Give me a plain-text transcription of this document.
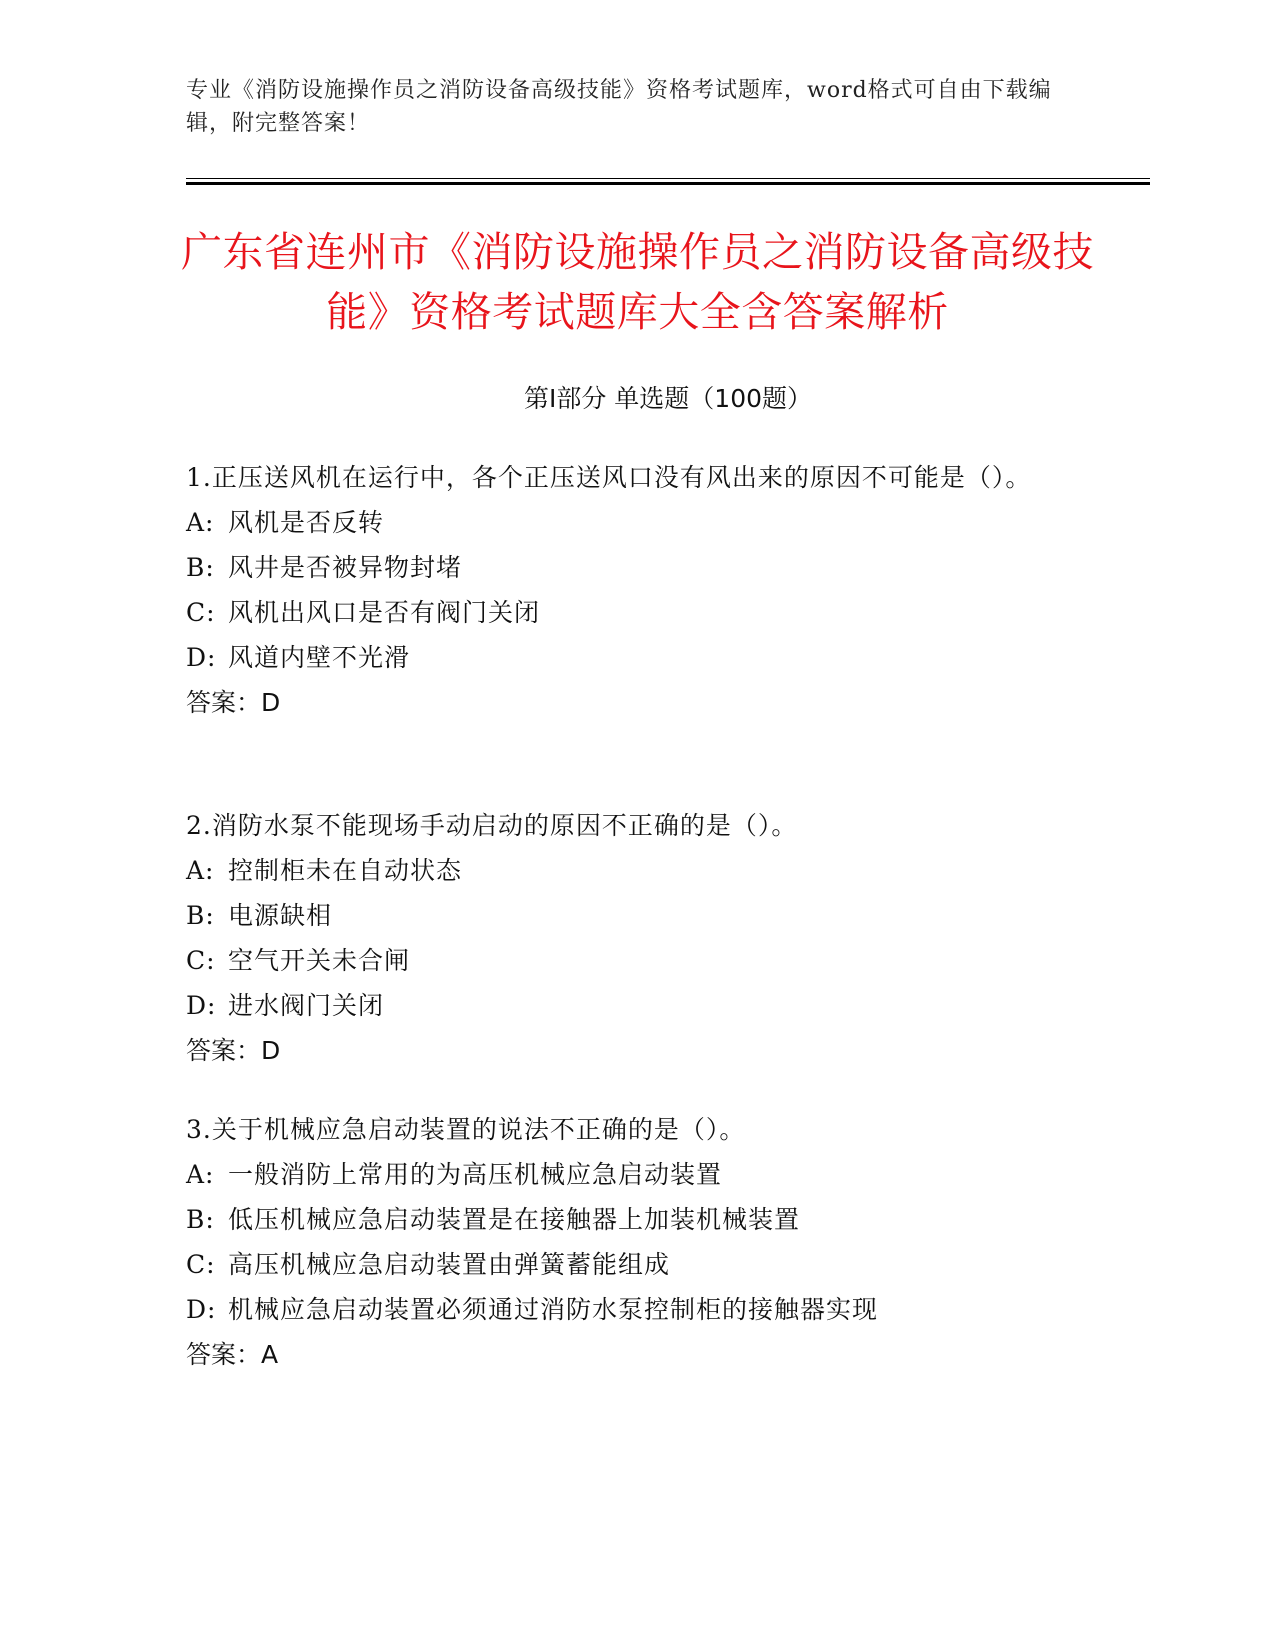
专业《消防设施操作员之消防设备高级技能》资格考试题库，word格式可自由下载编辑，附完整答案！
广东省连州市《消防设施操作员之消防设备高级技能》资格考试题库大全含答案解析
第I部分 单选题（100题）

1.正压送风机在运行中，各个正压送风口没有风出来的原因不可能是（）。

A: 风机是否反转

B: 风井是否被异物封堵

C: 风机出风口是否有阀门关闭

D: 风道内壁不光滑

答案：D

2.消防水泵不能现场手动启动的原因不正确的是（）。

A: 控制柜未在自动状态

B: 电源缺相

C: 空气开关未合闸

D: 进水阀门关闭

答案：D

3.关于机械应急启动装置的说法不正确的是（）。

A: 一般消防上常用的为高压机械应急启动装置

B: 低压机械应急启动装置是在接触器上加装机械装置

C: 高压机械应急启动装置由弹簧蓄能组成

D: 机械应急启动装置必须通过消防水泵控制柜的接触器实现

答案：A
